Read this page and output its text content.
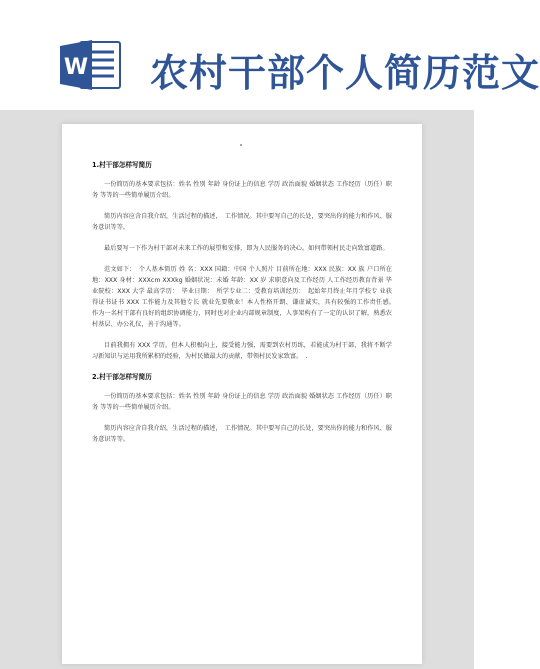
W 农村干部个人简历范文
1.村干部怎样写简历

一份简历的基本要求包括：姓名 性别 年龄 身份证上的信息 学历 政治面貌 婚姻状态 工作经历（历任）职务 等等的一些简单履历介绍。

简历内容应含自我介绍，生活过程的描述，　工作情况。其中要写自己的长处，要突出你的能力和作风、服务意识等等。

最后要写一下作为村干部对未来工作的展望和安排，即为人民服务的决心。如何带领村民走向致富道路。

范文如下：　个人基本简历 姓 名：XXX 国籍：中国 个人照片 目前所在地：XXX 民族：XX 族 户口所在地：XXX 身材：XXXcm XXXkg 婚姻状况：未婚 年龄：XX 岁 求职意向及工作经历 人工作经历教育背景 毕业院校：XXX 大学 最高学历：　毕业日期：　所学专业二：受教育培训经历：　起始年月终止年月学校专 业获得证书证书 XXX 工作能力及其他专长 就业先要敬业！本人性格开朗、谦虚诚实，具有较强的工作责任感。　作为一名村干部有良好的组织协调能力，同时也对企业内部规章制度，人事架构有了一定的认识了解，熟悉农村基层、办公礼仪，善于沟通等。

目前我拥有 XXX 学历，但本人积极向上，接受能力强，需要到农村历练，若能成为村干部，我将不断学习新知识与运用我所累积的经验，为村民做最大的贡献，带领村民发家致富。　.

2.村干部怎样写简历

一份简历的基本要求包括：姓名 性别 年龄 身份证上的信息 学历 政治面貌 婚姻状态 工作经历（历任）职务 等等的一些简单履历介绍。

简历内容应含自我介绍，生活过程的描述，　工作情况。其中要写自己的长处，要突出你的能力和作风、服务意识等等。
